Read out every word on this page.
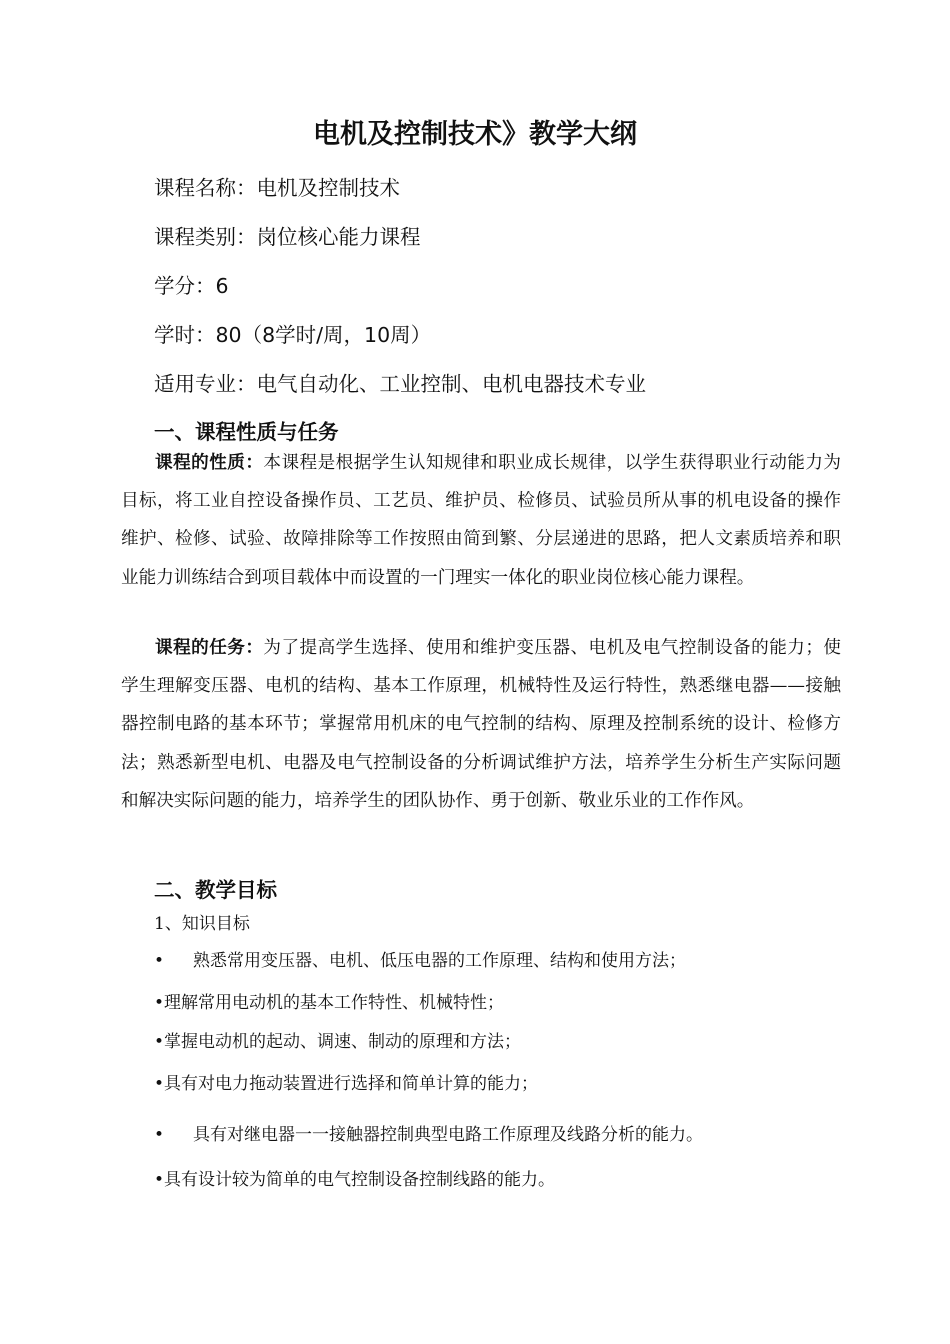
电机及控制技术》教学大纲
课程名称：电机及控制技术
课程类别：岗位核心能力课程
学分：6
学时：80（8学时/周，10周）
适用专业：电气自动化、工业控制、电机电器技术专业
一、课程性质与任务
课程的性质：本课程是根据学生认知规律和职业成长规律，以学生获得职业行动能力为目标，将工业自控设备操作员、工艺员、维护员、检修员、试验员所从事的机电设备的操作维护、检修、试验、故障排除等工作按照由简到繁、分层递进的思路，把人文素质培养和职业能力训练结合到项目载体中而设置的一门理实一体化的职业岗位核心能力课程。
课程的任务：为了提高学生选择、使用和维护变压器、电机及电气控制设备的能力；使学生理解变压器、电机的结构、基本工作原理，机械特性及运行特性，熟悉继电器——接触器控制电路的基本环节；掌握常用机床的电气控制的结构、原理及控制系统的设计、检修方法；熟悉新型电机、电器及电气控制设备的分析调试维护方法，培养学生分析生产实际问题和解决实际问题的能力，培养学生的团队协作、勇于创新、敬业乐业的工作作风。
二、教学目标
1、知识目标
• 熟悉常用变压器、电机、低压电器的工作原理、结构和使用方法；
•理解常用电动机的基本工作特性、机械特性；
•掌握电动机的起动、调速、制动的原理和方法；
•具有对电力拖动装置进行选择和简单计算的能力；
• 具有对继电器一一接触器控制典型电路工作原理及线路分析的能力。
•具有设计较为简单的电气控制设备控制线路的能力。
